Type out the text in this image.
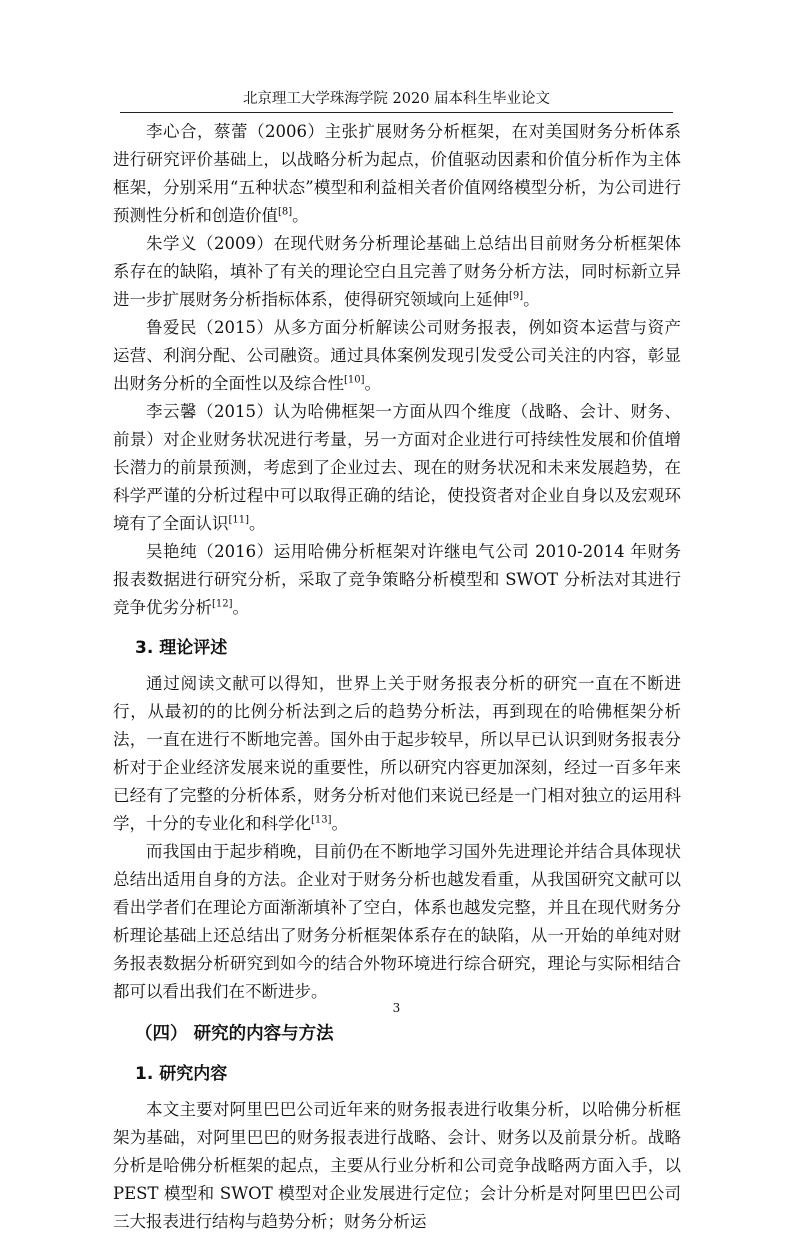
北京理工大学珠海学院 2020 届本科生毕业论文

李心合，蔡蕾（2006）主张扩展财务分析框架，在对美国财务分析体系进行研究评价基础上，以战略分析为起点，价值驱动因素和价值分析作为主体框架，分别采用“五种状态”模型和利益相关者价值网络模型分析，为公司进行预测性分析和创造价值[8]。

朱学义（2009）在现代财务分析理论基础上总结出目前财务分析框架体系存在的缺陷，填补了有关的理论空白且完善了财务分析方法，同时标新立异进一步扩展财务分析指标体系，使得研究领域向上延伸[9]。

鲁爱民（2015）从多方面分析解读公司财务报表，例如资本运营与资产运营、利润分配、公司融资。通过具体案例发现引发受公司关注的内容，彰显出财务分析的全面性以及综合性[10]。

李云馨（2015）认为哈佛框架一方面从四个维度（战略、会计、财务、前景）对企业财务状况进行考量，另一方面对企业进行可持续性发展和价值增长潜力的前景预测，考虑到了企业过去、现在的财务状况和未来发展趋势，在科学严谨的分析过程中可以取得正确的结论，使投资者对企业自身以及宏观环境有了全面认识[11]。

吴艳纯（2016）运用哈佛分析框架对许继电气公司 2010-2014 年财务报表数据进行研究分析，采取了竞争策略分析模型和 SWOT 分析法对其进行竞争优劣分析[12]。

3. 理论评述

通过阅读文献可以得知，世界上关于财务报表分析的研究一直在不断进行，从最初的的比例分析法到之后的趋势分析法，再到现在的哈佛框架分析法，一直在进行不断地完善。国外由于起步较早，所以早已认识到财务报表分析对于企业经济发展来说的重要性，所以研究内容更加深刻，经过一百多年来已经有了完整的分析体系，财务分析对他们来说已经是一门相对独立的运用科学，十分的专业化和科学化[13]。

而我国由于起步稍晚，目前仍在不断地学习国外先进理论并结合具体现状总结出适用自身的方法。企业对于财务分析也越发看重，从我国研究文献可以看出学者们在理论方面渐渐填补了空白，体系也越发完整，并且在现代财务分析理论基础上还总结出了财务分析框架体系存在的缺陷，从一开始的单纯对财务报表数据分析研究到如今的结合外物环境进行综合研究，理论与实际相结合都可以看出我们在不断进步。

（四） 研究的内容与方法
1. 研究内容

本文主要对阿里巴巴公司近年来的财务报表进行收集分析，以哈佛分析框架为基础，对阿里巴巴的财务报表进行战略、会计、财务以及前景分析。战略分析是哈佛分析框架的起点，主要从行业分析和公司竞争战略两方面入手，以 PEST 模型和 SWOT 模型对企业发展进行定位；会计分析是对阿里巴巴公司三大报表进行结构与趋势分析；财务分析运

3
